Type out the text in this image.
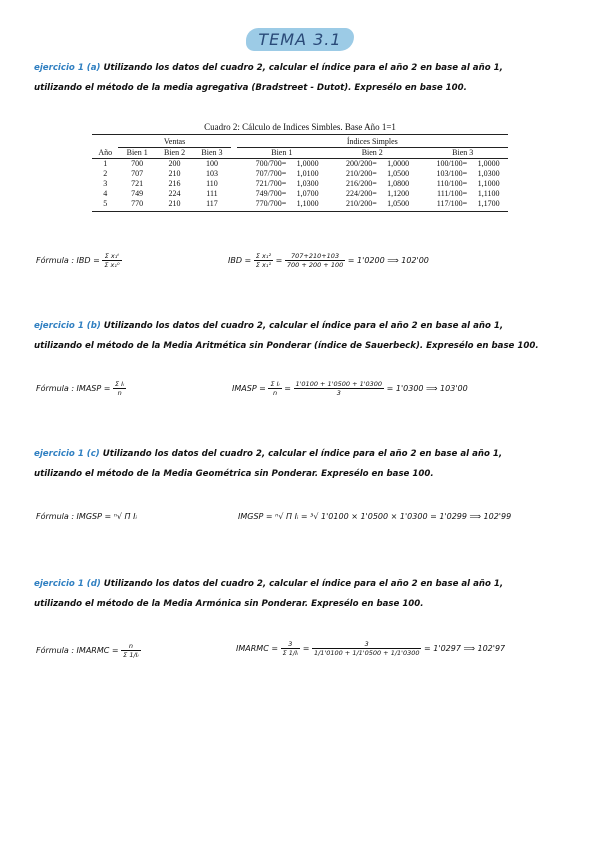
TEMA 3.1
ejercicio 1 (a) Utilizando los datos del cuadro 2, calcular el índice para el año 2 en base al año 1,
utilizando el método de la media agregativa (Bradstreet - Dutot). Expresélo en base 100.
Cuadro 2: Cálculo de Indices Simbles. Base Año 1=1
	Ventas				Índices Simples					
Año	Bien 1	Bien 2	Bien 3		Bien 1		Bien 2		Bien 3	
1	700	200	100		700/700=	1,0000	200/200=	1,0000	100/100=	1,0000
2	707	210	103		707/700=	1,0100	210/200=	1,0500	103/100=	1,0300
3	721	216	110		721/700=	1,0300	216/200=	1,0800	110/100=	1,1000
4	749	224	111		749/700=	1,0700	224/200=	1,1200	111/100=	1,1100
5	770	210	117		770/700=	1,1000	210/200=	1,0500	117/100=	1,1700
Fórmula : IBD = $\frac{\text{Σ x₁ᵗ}}{\text{Σ x₁⁰}}$	IBD = $\frac{\text{Σ x₁²}}{\text{Σ x₁¹}} = \frac{707+210+103}{700 + 200 + 100} = 1'0200$ ⟹ 102'00
ejercicio 1 (b) Utilizando los datos del cuadro 2, calcular el índice para el año 2 en base al año 1,
utilizando el método de la Media Aritmética sin Ponderar (índice de Sauerbeck). Expresélo en base 100.
Fórmula : IMASP = $\frac{\text{Σ Iᵢ}}{n}$	IMASP = $\frac{\text{Σ Iᵢ}}{n} = \frac{1'0100 + 1'0500 + 1'0300}{3} = 1'0300$ ⟹ 103'00
ejercicio 1 (c) Utilizando los datos del cuadro 2, calcular el índice para el año 2 en base al año 1,
utilizando el método de la Media Geométrica sin Ponderar. Expresélo en base 100.
Fórmula : IMGSP = ⁿ√ Π Iᵢ	IMGSP = ⁿ√ Π Iᵢ = ³√ 1'0100 × 1'0500 × 1'0300 = 1'0299 ⟹ 102'99
ejercicio 1 (d) Utilizando los datos del cuadro 2, calcular el índice para el año 2 en base al año 1,
utilizando el método de la Media Armónica sin Ponderar. Expresélo en base 100.
Fórmula : IMARMC = $\frac{n}{\text{Σ 1/Iᵢ}}$	IMARMC = $\frac{3}{\text{Σ 1/Iᵢ}} = \frac{3}{1/1'0100 + 1/1'0500 + 1/1'0300} = 1'0297$ ⟹ 102'97
